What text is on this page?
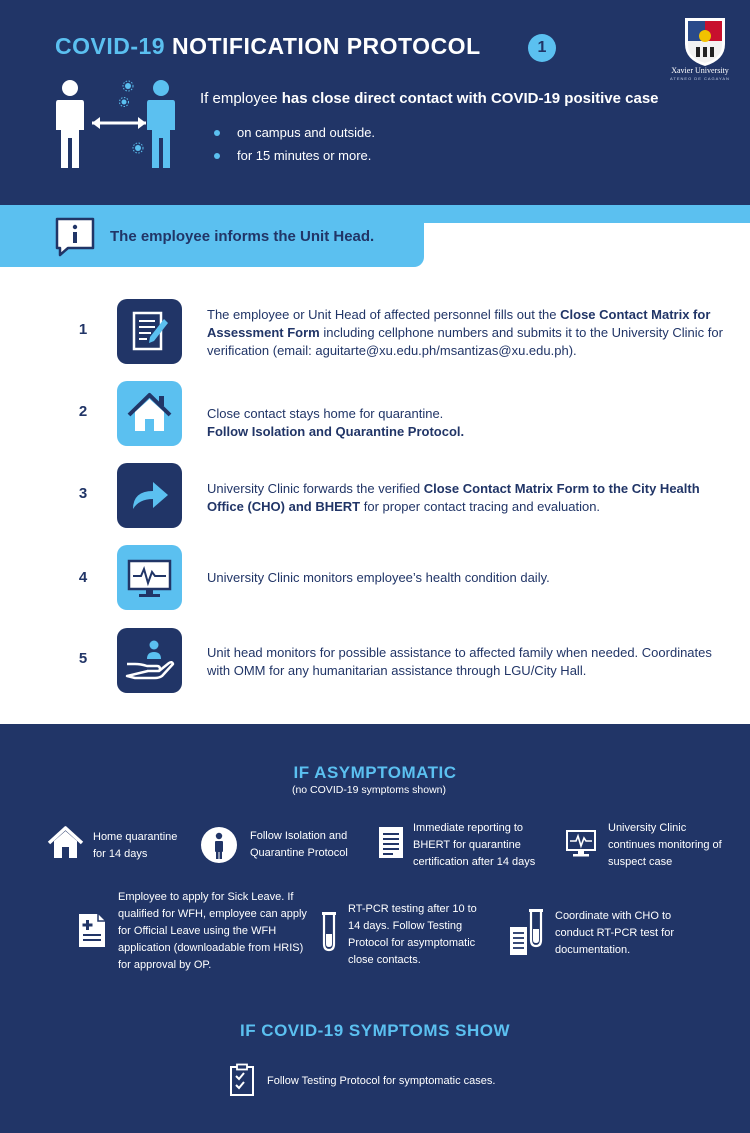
COVID-19 NOTIFICATION PROTOCOL	1
Xavier University
ATENEO DE CAGAYAN
If employee has close direct contact with COVID-19 positive case
on campus and outside.
for 15 minutes or more.
The employee informs the Unit Head.
1
The employee or Unit Head of affected personnel fills out the Close Contact Matrix for Assessment Form including cellphone numbers and submits it to the University Clinic for verification (email: aguitarte@xu.edu.ph/msantizas@xu.edu.ph).
2	Close contact stays home for quarantine. Follow Isolation and Quarantine Protocol.
3	University Clinic forwards the verified Close Contact Matrix Form to the City Health Office (CHO) and BHERT for proper contact tracing and evaluation.
4	University Clinic monitors employee’s health condition daily.
5	Unit head monitors for possible assistance to affected family when needed. Coordinates with OMM for any humanitarian assistance through LGU/City Hall.
IF ASYMPTOMATIC
(no COVID-19 symptoms shown)
Home quarantine for 14 days
Follow Isolation and Quarantine Protocol
Immediate reporting to BHERT for quarantine certification after 14 days
University Clinic continues monitoring of suspect case
Employee to apply for Sick Leave. If qualified for WFH, employee can apply for Official Leave using the WFH application (downloadable from HRIS) for approval by OP.
RT-PCR testing after 10 to 14 days. Follow Testing Protocol for asymptomatic close contacts.
Coordinate with CHO to conduct RT-PCR test for documentation.
IF COVID-19 SYMPTOMS SHOW
Follow Testing Protocol for symptomatic cases.
